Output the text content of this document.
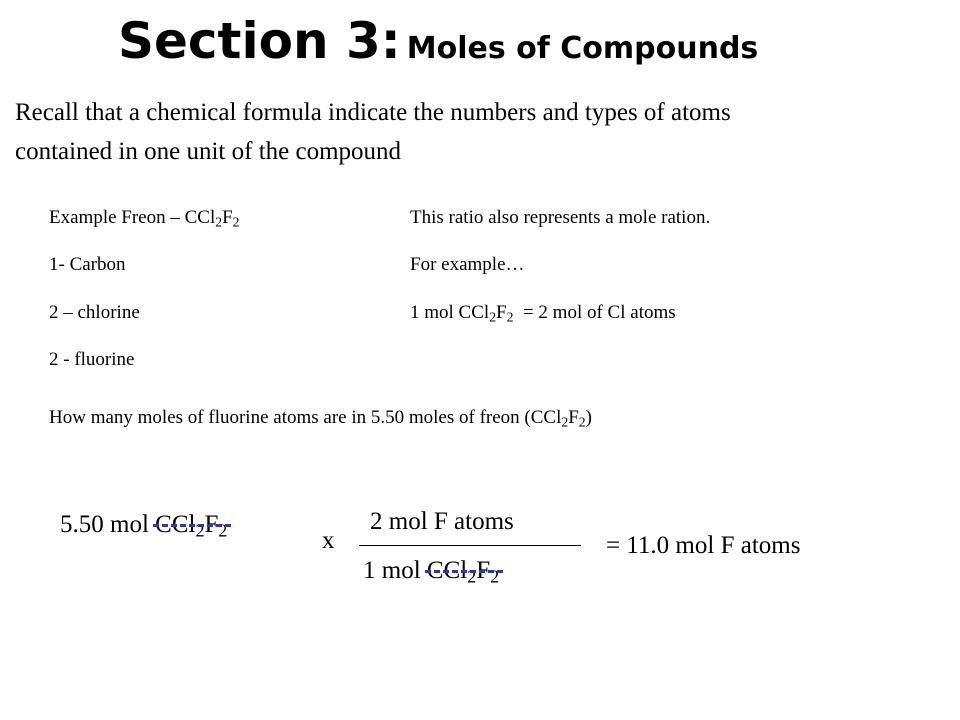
Section 3: Moles of Compounds
Recall that a chemical formula indicate the numbers and types of atoms
contained in one unit of the compound
Example Freon – $CCl_2F_2$
1- Carbon
2 – chlorine
2 - fluorine
This ratio also represents a mole ration.
For example…
1 mol $CCl_2F_2 = 2$ mol of Cl atoms
How many moles of fluorine atoms are in 5.50 moles of freon $(CCl_2F_2)$
5.50 mol $CCl_2F_2$	x
2 mol F atoms
1 mol $CCl_2F_2$
= 11.0 mol F atoms
